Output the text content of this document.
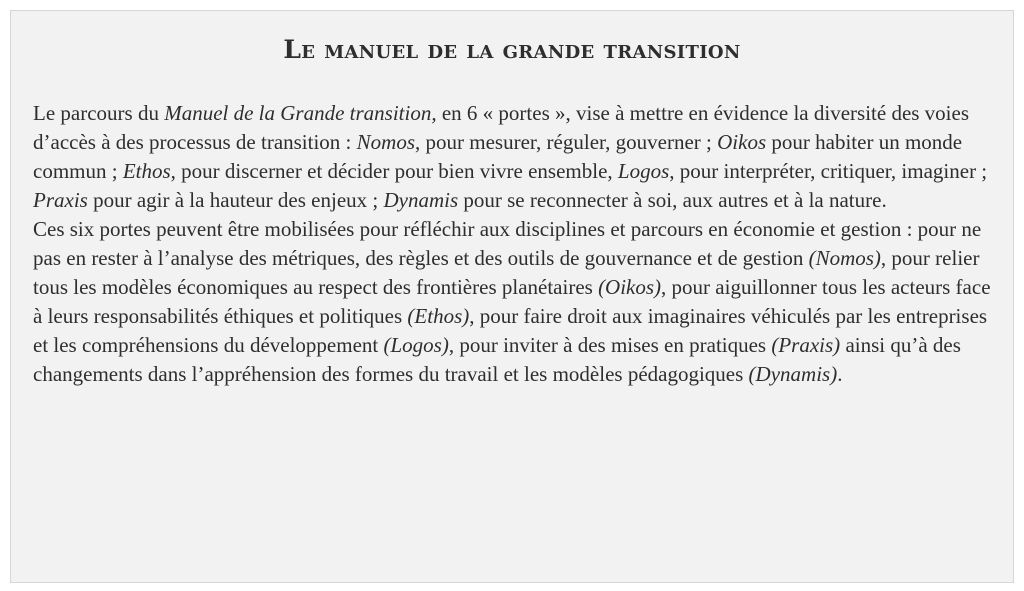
Le manuel de la grande transition

Le parcours du Manuel de la Grande transition, en 6 « portes », vise à mettre en évidence la diversité des voies d’accès à des processus de transition : Nomos, pour mesurer, réguler, gouverner ; Oikos pour habiter un monde commun ; Ethos, pour discerner et décider pour bien vivre ensemble, Logos, pour interpréter, critiquer, imaginer ; Praxis pour agir à la hauteur des enjeux ; Dynamis pour se reconnecter à soi, aux autres et à la nature.

Ces six portes peuvent être mobilisées pour réfléchir aux disciplines et parcours en économie et gestion : pour ne pas en rester à l’analyse des métriques, des règles et des outils de gouvernance et de gestion (Nomos), pour relier tous les modèles économiques au respect des frontières planétaires (Oikos), pour aiguillonner tous les acteurs face à leurs responsabilités éthiques et politiques (Ethos), pour faire droit aux imaginaires véhiculés par les entreprises et les compréhensions du développement (Logos), pour inviter à des mises en pratiques (Praxis) ainsi qu’à des changements dans l’appréhension des formes du travail et les modèles pédagogiques (Dynamis).
